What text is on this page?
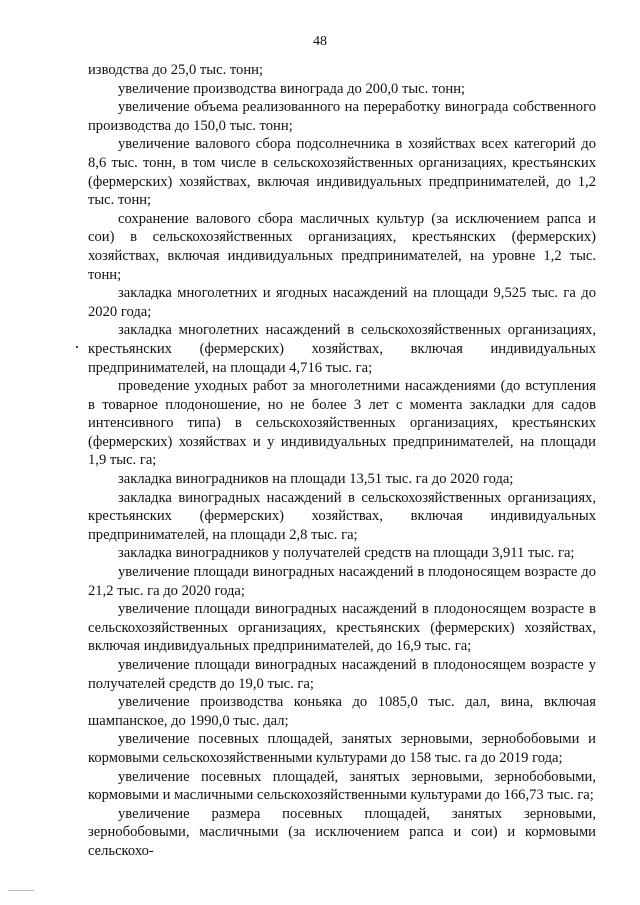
48

изводства до 25,0 тыс. тонн;

увеличение производства винограда до 200,0 тыс. тонн;

увеличение объема реализованного на переработку винограда собственного производства до 150,0 тыс. тонн;

увеличение валового сбора подсолнечника в хозяйствах всех категорий до 8,6 тыс. тонн, в том числе в сельскохозяйственных организациях, крестьянских (фермерских) хозяйствах, включая индивидуальных предпринимателей, до 1,2 тыс. тонн;

сохранение валового сбора масличных культур (за исключением рапса и сои) в сельскохозяйственных организациях, крестьянских (фермерских) хозяйствах, включая индивидуальных предпринимателей, на уровне 1,2 тыс. тонн;

закладка многолетних и ягодных насаждений на площади 9,525 тыс. га до 2020 года;

закладка многолетних насаждений в сельскохозяйственных организациях, крестьянских (фермерских) хозяйствах, включая индивидуальных предпринимателей, на площади 4,716 тыс. га;

проведение уходных работ за многолетними насаждениями (до вступления в товарное плодоношение, но не более 3 лет с момента закладки для садов интенсивного типа) в сельскохозяйственных организациях, крестьянских (фермерских) хозяйствах и у индивидуальных предпринимателей, на площади 1,9 тыс. га;

закладка виноградников на площади 13,51 тыс. га до 2020 года;

закладка виноградных насаждений в сельскохозяйственных организациях, крестьянских (фермерских) хозяйствах, включая индивидуальных предпринимателей, на площади 2,8 тыс. га;

закладка виноградников у получателей средств на площади 3,911 тыс. га;

увеличение площади виноградных насаждений в плодоносящем возрасте до 21,2 тыс. га до 2020 года;

увеличение площади виноградных насаждений в плодоносящем возрасте в сельскохозяйственных организациях, крестьянских (фермерских) хозяйствах, включая индивидуальных предпринимателей, до 16,9 тыс. га;

увеличение площади виноградных насаждений в плодоносящем возрасте у получателей средств до 19,0 тыс. га;

увеличение производства коньяка до 1085,0 тыс. дал, вина, включая шампанское, до 1990,0 тыс. дал;

увеличение посевных площадей, занятых зерновыми, зернобобовыми и кормовыми сельскохозяйственными культурами до 158 тыс. га до 2019 года;

увеличение посевных площадей, занятых зерновыми, зернобобовыми, кормовыми и масличными сельскохозяйственными культурами до 166,73 тыс. га;

увеличение размера посевных площадей, занятых зерновыми, зернобобовыми, масличными (за исключением рапса и сои) и кормовыми сельскохо-
